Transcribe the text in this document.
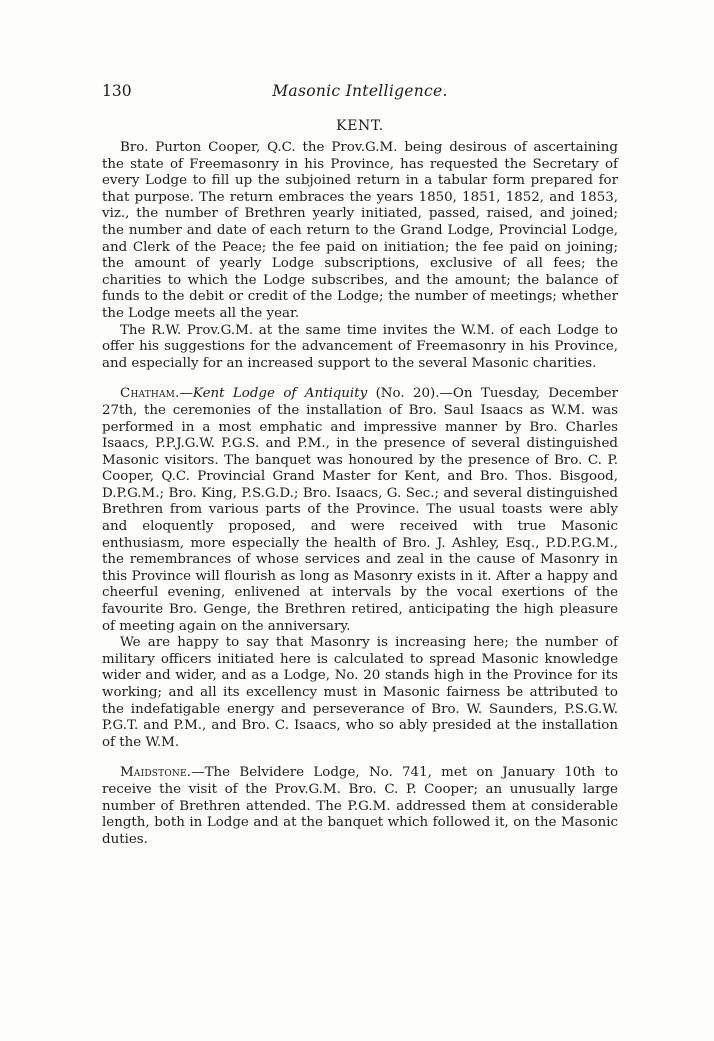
130	Masonic Intelligence.
KENT.

Bro. Purton Cooper, Q.C. the Prov.G.M. being desirous of ascertaining the state of Freemasonry in his Province, has requested the Secretary of every Lodge to fill up the subjoined return in a tabular form prepared for that purpose. The return embraces the years 1850, 1851, 1852, and 1853, viz., the number of Brethren yearly initiated, passed, raised, and joined; the number and date of each return to the Grand Lodge, Provincial Lodge, and Clerk of the Peace; the fee paid on initiation; the fee paid on joining; the amount of yearly Lodge subscriptions, exclusive of all fees; the charities to which the Lodge subscribes, and the amount; the balance of funds to the debit or credit of the Lodge; the number of meetings; whether the Lodge meets all the year.

The R.W. Prov.G.M. at the same time invites the W.M. of each Lodge to offer his suggestions for the advancement of Freemasonry in his Province, and especially for an increased support to the several Masonic charities.

Chatham.—Kent Lodge of Antiquity (No. 20).—On Tuesday, December 27th, the ceremonies of the installation of Bro. Saul Isaacs as W.M. was performed in a most emphatic and impressive manner by Bro. Charles Isaacs, P.P.J.G.W. P.G.S. and P.M., in the presence of several distinguished Masonic visitors. The banquet was honoured by the presence of Bro. C. P. Cooper, Q.C. Provincial Grand Master for Kent, and Bro. Thos. Bisgood, D.P.G.M.; Bro. King, P.S.G.D.; Bro. Isaacs, G. Sec.; and several distinguished Brethren from various parts of the Province. The usual toasts were ably and eloquently proposed, and were received with true Masonic enthusiasm, more especially the health of Bro. J. Ashley, Esq., P.D.P.G.M., the remembrances of whose services and zeal in the cause of Masonry in this Province will flourish as long as Masonry exists in it. After a happy and cheerful evening, enlivened at intervals by the vocal exertions of the favourite Bro. Genge, the Brethren retired, anticipating the high pleasure of meeting again on the anniversary.

We are happy to say that Masonry is increasing here; the number of military officers initiated here is calculated to spread Masonic knowledge wider and wider, and as a Lodge, No. 20 stands high in the Province for its working; and all its excellency must in Masonic fairness be attributed to the indefatigable energy and perseverance of Bro. W. Saunders, P.S.G.W. P.G.T. and P.M., and Bro. C. Isaacs, who so ably presided at the installation of the W.M.

Maidstone.—The Belvidere Lodge, No. 741, met on January 10th to receive the visit of the Prov.G.M. Bro. C. P. Cooper; an unusually large number of Brethren attended. The P.G.M. addressed them at considerable length, both in Lodge and at the banquet which followed it, on the Masonic duties.
